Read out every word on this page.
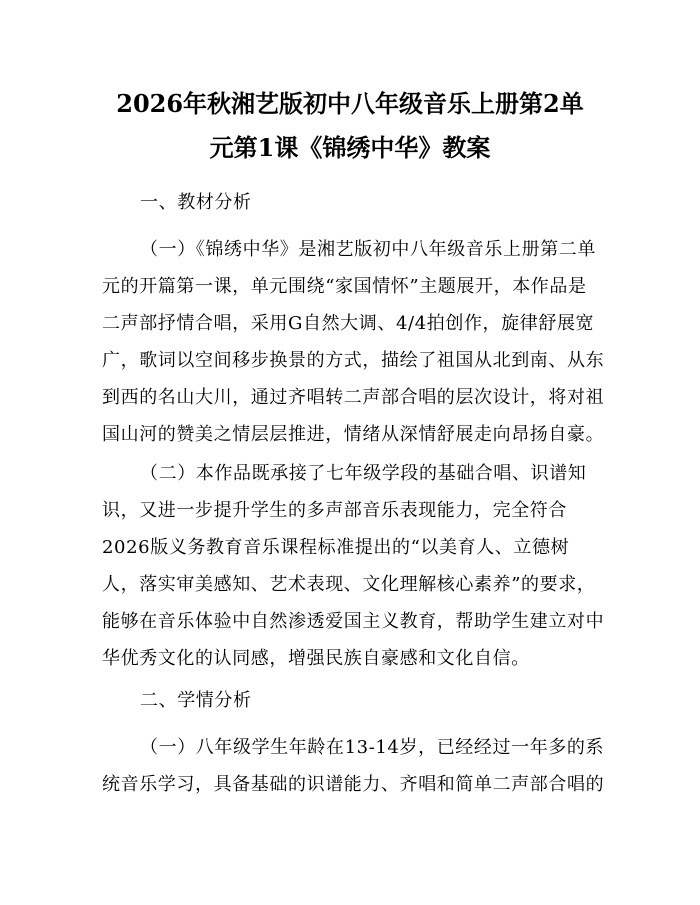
2026年秋湘艺版初中八年级音乐上册第2单
元第1课《锦绣中华》教案
一、教材分析
（一）《锦绣中华》是湘艺版初中八年级音乐上册第二单
元的开篇第一课，单元围绕“家国情怀”主题展开，本作品是
二声部抒情合唱，采用G自然大调、4/4拍创作，旋律舒展宽
广，歌词以空间移步换景的方式，描绘了祖国从北到南、从东
到西的名山大川，通过齐唱转二声部合唱的层次设计，将对祖
国山河的赞美之情层层推进，情绪从深情舒展走向昂扬自豪。
（二）本作品既承接了七年级学段的基础合唱、识谱知
识，又进一步提升学生的多声部音乐表现能力，完全符合
2026版义务教育音乐课程标准提出的“以美育人、立德树
人，落实审美感知、艺术表现、文化理解核心素养”的要求，
能够在音乐体验中自然渗透爱国主义教育，帮助学生建立对中
华优秀文化的认同感，增强民族自豪感和文化自信。
二、学情分析
（一）八年级学生年龄在13-14岁，已经经过一年多的系
统音乐学习，具备基础的识谱能力、齐唱和简单二声部合唱的
